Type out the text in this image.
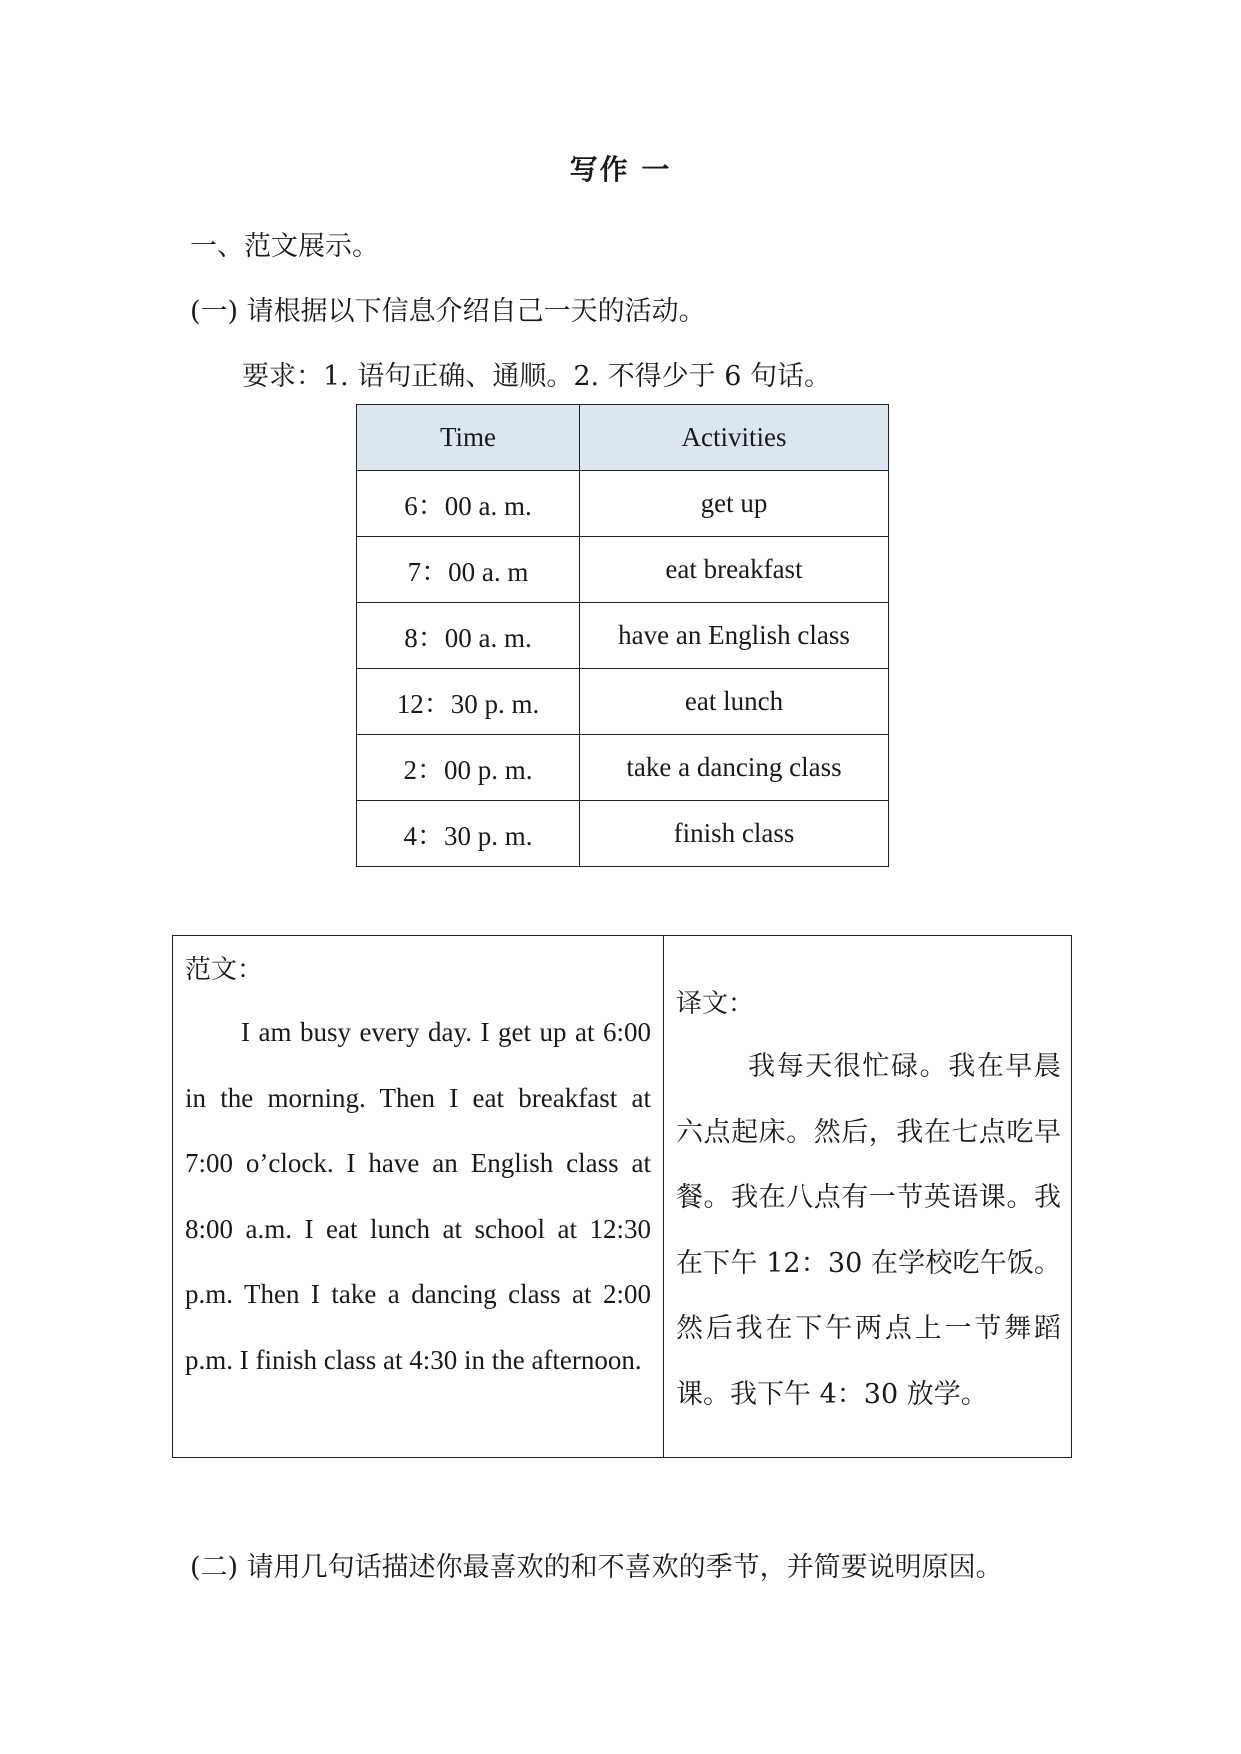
写作 一
一、范文展示。
(一) 请根据以下信息介绍自己一天的活动。
要求：1. 语句正确、通顺。2. 不得少于 6 句话。
Time	Activities
6：00 a. m.	get up
7：00 a. m	eat breakfast
8：00 a. m.	have an English class
12：30 p. m.	eat lunch
2：00 p. m.	take a dancing class
4：30 p. m.	finish class
范文：

I am busy every day. I get up at 6:00 in the morning. Then I eat breakfast at 7:00 o’clock. I have an English class at 8:00 a.m. I eat lunch at school at 12:30 p.m. Then I take a dancing class at 2:00 p.m. I finish class at 4:30 in the afternoon.

译文：

我每天很忙碌。我在早晨六点起床。然后，我在七点吃早餐。我在八点有一节英语课。我在下午 12：30 在学校吃午饭。然后我在下午两点上一节舞蹈课。我下午 4：30 放学。

(二) 请用几句话描述你最喜欢的和不喜欢的季节，并简要说明原因。
